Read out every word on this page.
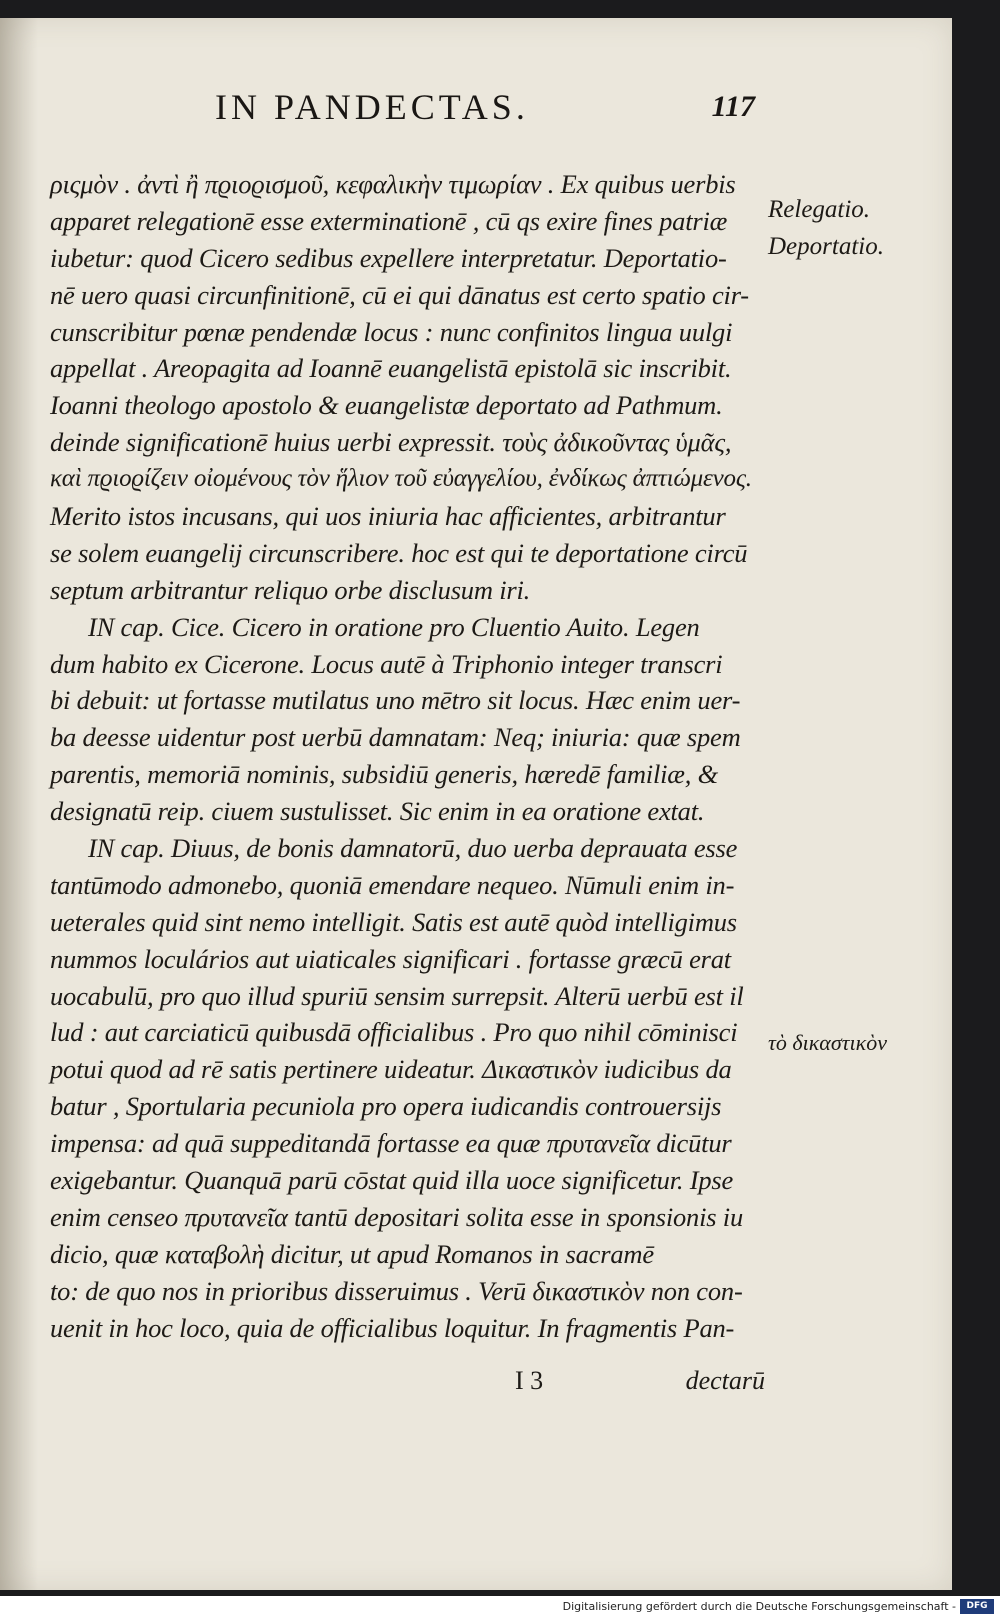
IN PANDECTAS.	117
ριςμὸν . ἀντὶ ἢ πϱιοϱισμοῦ, κεφαλικὴν τιμωρίαν . Ex quibus uerbis
apparet relegationē esse exterminationē , cū qs exire fines patriæ
iubetur: quod Cicero sedibus expellere interpretatur. Deportatio-
nē uero quasi circunfinitionē, cū ei qui dānatus est certo spatio cir-
cunscribitur pœnæ pendendæ locus : nunc confinitos lingua uulgi
appellat . Areopagita ad Ioannē euangelistā epistolā sic inscribit.
Ioanni theologo apostolo & euangelistæ deportato ad Pathmum.
deinde significationē huius uerbi expressit. τοὺς ἀδικοῦντας ὑμᾶς,
καὶ πϱιοϱίζειν οἰομένους τὸν ἥλιον τοῦ εὐαγγελίου, ἐνδίκως ἀπτιώμενος.
Merito istos incusans, qui uos iniuria hac afficientes, arbitrantur
se solem euangelij circunscribere. hoc est qui te deportatione circū
septum arbitrantur reliquo orbe disclusum iri.
IN cap. Cice. Cicero in oratione pro Cluentio Auito. Legen
dum habito ex Cicerone. Locus autē à Triphonio integer transcri
bi debuit: ut fortasse mutilatus uno mētro sit locus. Hæc enim uer-
ba deesse uidentur post uerbū damnatam: Neq; iniuria: quæ spem
parentis, memoriā nominis, subsidiū generis, hæredē familiæ, &
designatū reip. ciuem sustulisset. Sic enim in ea oratione extat.
IN cap. Diuus, de bonis damnatorū, duo uerba deprauata esse
tantūmodo admonebo, quoniā emendare nequeo. Nūmuli enim in-
ueterales quid sint nemo intelligit. Satis est autē quòd intelligimus
nummos loculários aut uiaticales significari . fortasse græcū erat
uocabulū, pro quo illud spuriū sensim surrepsit. Alterū uerbū est il
lud : aut carciaticū quibusdā officialibus . Pro quo nihil cōminisci
potui quod ad rē satis pertinere uideatur. Δικαστικὸν iudicibus da
batur , Sportularia pecuniola pro opera iudicandis controuersijs
impensa: ad quā suppeditandā fortasse ea quæ πρυτανεῖα dicūtur
exigebantur. Quanquā parū cōstat quid illa uoce significetur. Ipse
enim censeo πρυτανεῖα tantū depositari solita esse in sponsionis iu
dicio, quæ καταβολὴ dicitur, ut apud Romanos in sacramē
to: de quo nos in prioribus disseruimus . Verū δικαστικὸν non con-
uenit in hoc loco, quia de officialibus loquitur. In fragmentis Pan-
Relegatio.
Deportatio.
τὸ δικαστικὸν
I 3	dectarū
Digitalisierung gefördert durch die Deutsche Forschungsgemeinschaft -	DFG
